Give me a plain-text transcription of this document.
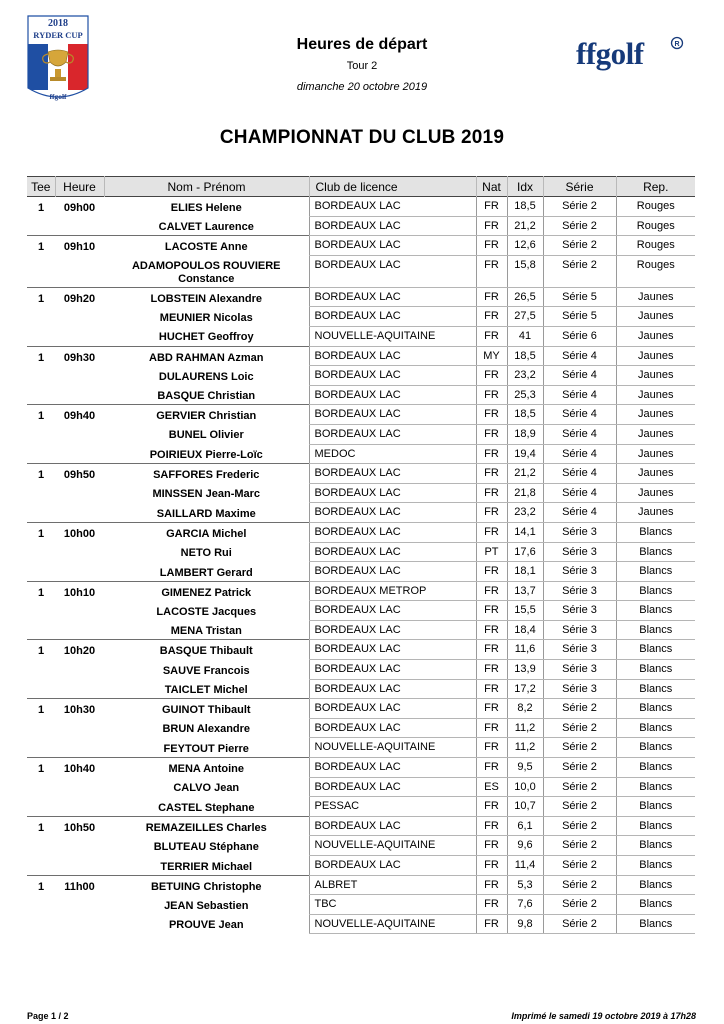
2018
RYDER CUP
ffgolf
ffgolf	R
Heures de départ
Tour 2
dimanche 20 octobre 2019
CHAMPIONNAT DU CLUB 2019
Tee	Heure	Nom - Prénom	Club de licence	Nat	Idx	Série	Rep.
1	09h00	ELIES Helene	BORDEAUX LAC	FR	18,5	Série 2	Rouges
		CALVET Laurence	BORDEAUX LAC	FR	21,2	Série 2	Rouges
1	09h10	LACOSTE Anne	BORDEAUX LAC	FR	12,6	Série 2	Rouges
		ADAMOPOULOS ROUVIERE Constance	BORDEAUX LAC	FR	15,8	Série 2	Rouges
1	09h20	LOBSTEIN Alexandre	BORDEAUX LAC	FR	26,5	Série 5	Jaunes
		MEUNIER Nicolas	BORDEAUX LAC	FR	27,5	Série 5	Jaunes
		HUCHET Geoffroy	NOUVELLE-AQUITAINE	FR	41	Série 6	Jaunes
1	09h30	ABD RAHMAN Azman	BORDEAUX LAC	MY	18,5	Série 4	Jaunes
		DULAURENS Loic	BORDEAUX LAC	FR	23,2	Série 4	Jaunes
		BASQUE Christian	BORDEAUX LAC	FR	25,3	Série 4	Jaunes
1	09h40	GERVIER Christian	BORDEAUX LAC	FR	18,5	Série 4	Jaunes
		BUNEL Olivier	BORDEAUX LAC	FR	18,9	Série 4	Jaunes
		POIRIEUX Pierre-Loïc	MEDOC	FR	19,4	Série 4	Jaunes
1	09h50	SAFFORES Frederic	BORDEAUX LAC	FR	21,2	Série 4	Jaunes
		MINSSEN Jean-Marc	BORDEAUX LAC	FR	21,8	Série 4	Jaunes
		SAILLARD Maxime	BORDEAUX LAC	FR	23,2	Série 4	Jaunes
1	10h00	GARCIA Michel	BORDEAUX LAC	FR	14,1	Série 3	Blancs
		NETO Rui	BORDEAUX LAC	PT	17,6	Série 3	Blancs
		LAMBERT Gerard	BORDEAUX LAC	FR	18,1	Série 3	Blancs
1	10h10	GIMENEZ Patrick	BORDEAUX METROP	FR	13,7	Série 3	Blancs
		LACOSTE Jacques	BORDEAUX LAC	FR	15,5	Série 3	Blancs
		MENA Tristan	BORDEAUX LAC	FR	18,4	Série 3	Blancs
1	10h20	BASQUE Thibault	BORDEAUX LAC	FR	11,6	Série 3	Blancs
		SAUVE Francois	BORDEAUX LAC	FR	13,9	Série 3	Blancs
		TAICLET Michel	BORDEAUX LAC	FR	17,2	Série 3	Blancs
1	10h30	GUINOT Thibault	BORDEAUX LAC	FR	8,2	Série 2	Blancs
		BRUN Alexandre	BORDEAUX LAC	FR	11,2	Série 2	Blancs
		FEYTOUT Pierre	NOUVELLE-AQUITAINE	FR	11,2	Série 2	Blancs
1	10h40	MENA Antoine	BORDEAUX LAC	FR	9,5	Série 2	Blancs
		CALVO Jean	BORDEAUX LAC	ES	10,0	Série 2	Blancs
		CASTEL Stephane	PESSAC	FR	10,7	Série 2	Blancs
1	10h50	REMAZEILLES Charles	BORDEAUX LAC	FR	6,1	Série 2	Blancs
		BLUTEAU Stéphane	NOUVELLE-AQUITAINE	FR	9,6	Série 2	Blancs
		TERRIER Michael	BORDEAUX LAC	FR	11,4	Série 2	Blancs
1	11h00	BETUING Christophe	ALBRET	FR	5,3	Série 2	Blancs
		JEAN Sebastien	TBC	FR	7,6	Série 2	Blancs
		PROUVE Jean	NOUVELLE-AQUITAINE	FR	9,8	Série 2	Blancs
Page 1 / 2	Imprimé le samedi 19 octobre 2019 à 17h28
